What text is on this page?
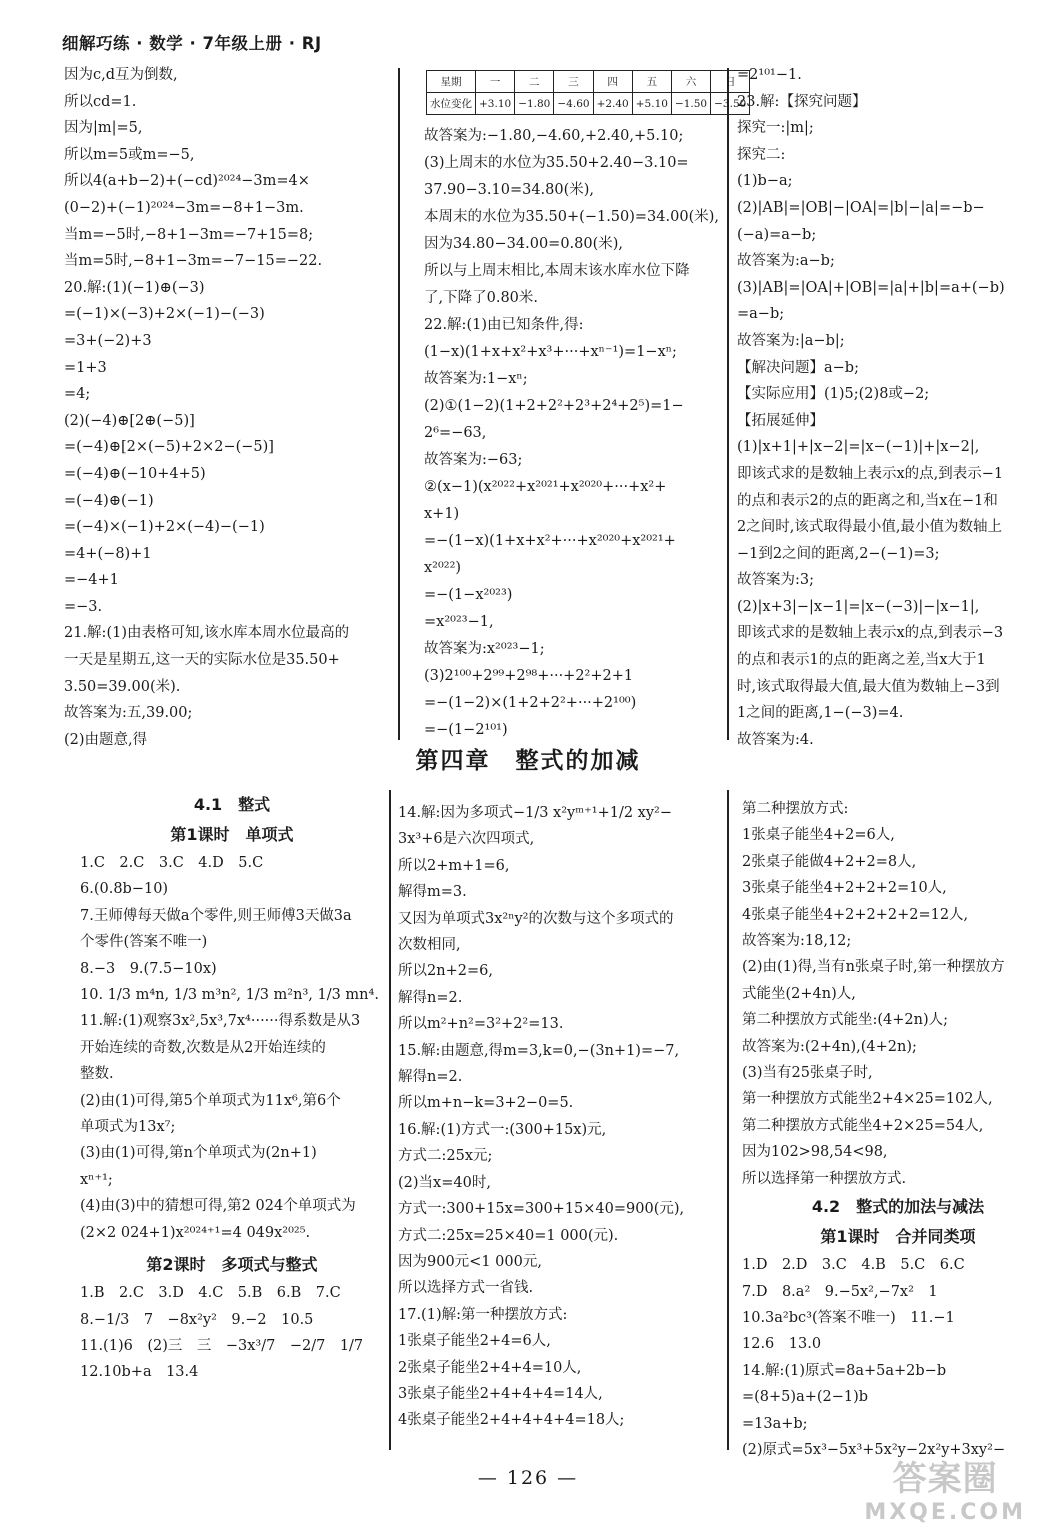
细解巧练 · 数学 · 7年级上册 · RJ
因为c,d互为倒数,
所以cd=1.
因为|m|=5,
所以m=5或m=−5,
所以4(a+b−2)+(−cd)²⁰²⁴−3m=4×
(0−2)+(−1)²⁰²⁴−3m=−8+1−3m.
当m=−5时,−8+1−3m=−7+15=8;
当m=5时,−8+1−3m=−7−15=−22.
20.解:(1)(−1)⊕(−3)
=(−1)×(−3)+2×(−1)−(−3)
=3+(−2)+3
=1+3
=4;
(2)(−4)⊕[2⊕(−5)]
=(−4)⊕[2×(−5)+2×2−(−5)]
=(−4)⊕(−10+4+5)
=(−4)⊕(−1)
=(−4)×(−1)+2×(−4)−(−1)
=4+(−8)+1
=−4+1
=−3.
21.解:(1)由表格可知,该水库本周水位最高的
一天是星期五,这一天的实际水位是35.50+
3.50=39.00(米).
故答案为:五,39.00;
(2)由题意,得
星期	一	二	三	四	五	六	日
水位变化	+3.10	−1.80	−4.60	+2.40	+5.10	−1.50	−3.50
故答案为:−1.80,−4.60,+2.40,+5.10;
(3)上周末的水位为35.50+2.40−3.10=
37.90−3.10=34.80(米),
本周末的水位为35.50+(−1.50)=34.00(米),
因为34.80−34.00=0.80(米),
所以与上周末相比,本周末该水库水位下降
了,下降了0.80米.
22.解:(1)由已知条件,得:
(1−x)(1+x+x²+x³+···+xⁿ⁻¹)=1−xⁿ;
故答案为:1−xⁿ;
(2)①(1−2)(1+2+2²+2³+2⁴+2⁵)=1−
2⁶=−63,
故答案为:−63;
②(x−1)(x²⁰²²+x²⁰²¹+x²⁰²⁰+···+x²+
x+1)
=−(1−x)(1+x+x²+···+x²⁰²⁰+x²⁰²¹+
x²⁰²²)
=−(1−x²⁰²³)
=x²⁰²³−1,
故答案为:x²⁰²³−1;
(3)2¹⁰⁰+2⁹⁹+2⁹⁸+···+2²+2+1
=−(1−2)×(1+2+2²+···+2¹⁰⁰)
=−(1−2¹⁰¹)
=2¹⁰¹−1.
23.解:【探究问题】
探究一:|m|;
探究二:
(1)b−a;
(2)|AB|=|OB|−|OA|=|b|−|a|=−b−
(−a)=a−b;
故答案为:a−b;
(3)|AB|=|OA|+|OB|=|a|+|b|=a+(−b)
=a−b;
故答案为:|a−b|;
【解决问题】a−b;
【实际应用】(1)5;(2)8或−2;
【拓展延伸】
(1)|x+1|+|x−2|=|x−(−1)|+|x−2|,
即该式求的是数轴上表示x的点,到表示−1
的点和表示2的点的距离之和,当x在−1和
2之间时,该式取得最小值,最小值为数轴上
−1到2之间的距离,2−(−1)=3;
故答案为:3;
(2)|x+3|−|x−1|=|x−(−3)|−|x−1|,
即该式求的是数轴上表示x的点,到表示−3
的点和表示1的点的距离之差,当x大于1
时,该式取得最大值,最大值为数轴上−3到
1之间的距离,1−(−3)=4.
故答案为:4.
第四章　整式的加减
4.1　整式
第1课时　单项式
1.C　2.C　3.C　4.D　5.C
6.(0.8b−10)
7.王师傅每天做a个零件,则王师傅3天做3a
个零件(答案不唯一)
8.−3　9.(7.5−10x)
10. 1/3 m⁴n, 1/3 m³n², 1/3 m²n³, 1/3 mn⁴.
11.解:(1)观察3x²,5x³,7x⁴······得系数是从3
开始连续的奇数,次数是从2开始连续的
整数.
(2)由(1)可得,第5个单项式为11x⁶,第6个
单项式为13x⁷;
(3)由(1)可得,第n个单项式为(2n+1)
xⁿ⁺¹;
(4)由(3)中的猜想可得,第2 024个单项式为
(2×2 024+1)x²⁰²⁴⁺¹=4 049x²⁰²⁵.
第2课时　多项式与整式
1.B　2.C　3.D　4.C　5.B　6.B　7.C
8.−1/3　7　−8x²y²　9.−2　10.5
11.(1)6　(2)三　三　−3x³/7　−2/7　1/7
12.10b+a　13.4
14.解:因为多项式−1/3 x²yᵐ⁺¹+1/2 xy²−
3x³+6是六次四项式,
所以2+m+1=6,
解得m=3.
又因为单项式3x²ⁿy²的次数与这个多项式的
次数相同,
所以2n+2=6,
解得n=2.
所以m²+n²=3²+2²=13.
15.解:由题意,得m=3,k=0,−(3n+1)=−7,
解得n=2.
所以m+n−k=3+2−0=5.
16.解:(1)方式一:(300+15x)元,
方式二:25x元;
(2)当x=40时,
方式一:300+15x=300+15×40=900(元),
方式二:25x=25×40=1 000(元).
因为900元<1 000元,
所以选择方式一省钱.
17.(1)解:第一种摆放方式:
1张桌子能坐2+4=6人,
2张桌子能坐2+4+4=10人,
3张桌子能坐2+4+4+4=14人,
4张桌子能坐2+4+4+4+4=18人;
第二种摆放方式:
1张桌子能坐4+2=6人,
2张桌子能做4+2+2=8人,
3张桌子能坐4+2+2+2=10人,
4张桌子能坐4+2+2+2+2=12人,
故答案为:18,12;
(2)由(1)得,当有n张桌子时,第一种摆放方
式能坐(2+4n)人,
第二种摆放方式能坐:(4+2n)人;
故答案为:(2+4n),(4+2n);
(3)当有25张桌子时,
第一种摆放方式能坐2+4×25=102人,
第二种摆放方式能坐4+2×25=54人,
因为102>98,54<98,
所以选择第一种摆放方式.
4.2　整式的加法与减法
第1课时　合并同类项
1.D　2.D　3.C　4.B　5.C　6.C
7.D　8.a²　9.−5x²,−7x²　1
10.3a²bc³(答案不唯一)　11.−1
12.6　13.0
14.解:(1)原式=8a+5a+2b−b
=(8+5)a+(2−1)b
=13a+b;
(2)原式=5x³−5x³+5x²y−2x²y+3xy²−
— 126 —	答案圈
MXQE.COM
